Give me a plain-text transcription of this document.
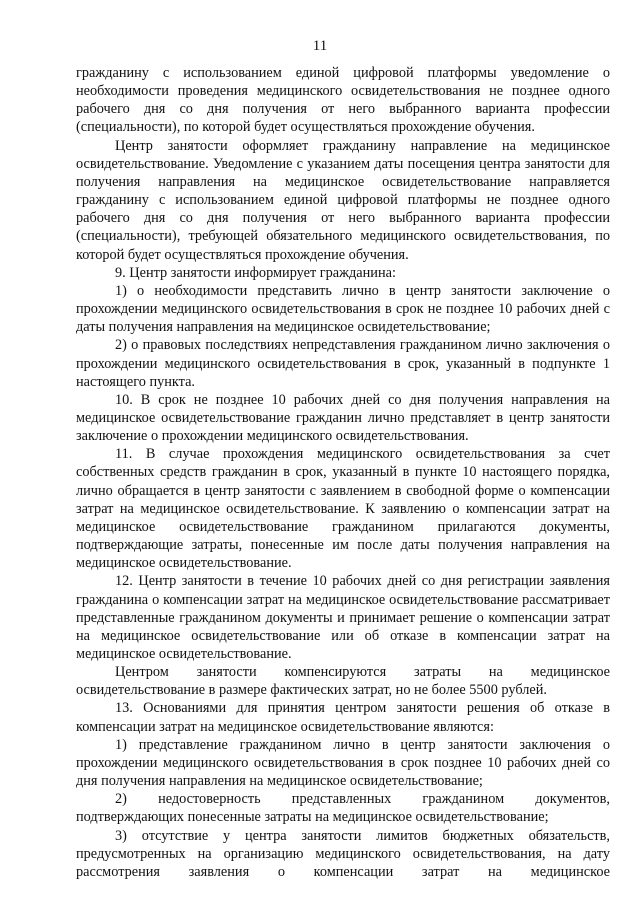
11

гражданину с использованием единой цифровой платформы уведомление о необходимости проведения медицинского освидетельствования не позднее одного рабочего дня со дня получения от него выбранного варианта профессии (специальности), по которой будет осуществляться прохождение обучения.

Центр занятости оформляет гражданину направление на медицинское освидетельствование. Уведомление с указанием даты посещения центра занятости для получения направления на медицинское освидетельствование направляется гражданину с использованием единой цифровой платформы не позднее одного рабочего дня со дня получения от него выбранного варианта профессии (специальности), требующей обязательного медицинского освидетельствования, по которой будет осуществляться прохождение обучения.

9. Центр занятости информирует гражданина:

1) о необходимости представить лично в центр занятости заключение о прохождении медицинского освидетельствования в срок не позднее 10 рабочих дней с даты получения направления на медицинское освидетельствование;

2) о правовых последствиях непредставления гражданином лично заключения о прохождении медицинского освидетельствования в срок, указанный в подпункте 1 настоящего пункта.

10. В срок не позднее 10 рабочих дней со дня получения направления на медицинское освидетельствование гражданин лично представляет в центр занятости заключение о прохождении медицинского освидетельствования.

11. В случае прохождения медицинского освидетельствования за счет собственных средств гражданин в срок, указанный в пункте 10 настоящего порядка, лично обращается в центр занятости с заявлением в свободной форме о компенсации затрат на медицинское освидетельствование. К заявлению о компенсации затрат на медицинское освидетельствование гражданином прилагаются документы, подтверждающие затраты, понесенные им после даты получения направления на медицинское освидетельствование.

12. Центр занятости в течение 10 рабочих дней со дня регистрации заявления гражданина о компенсации затрат на медицинское освидетельствование рассматривает представленные гражданином документы и принимает решение о компенсации затрат на медицинское освидетельствование или об отказе в компенсации затрат на медицинское освидетельствование.

Центром занятости компенсируются затраты на медицинское освидетельствование в размере фактических затрат, но не более 5500 рублей.

13. Основаниями для принятия центром занятости решения об отказе в компенсации затрат на медицинское освидетельствование являются:

1) представление гражданином лично в центр занятости заключения о прохождении медицинского освидетельствования в срок позднее 10 рабочих дней со дня получения направления на медицинское освидетельствование;

2) недостоверность представленных гражданином документов, подтверждающих понесенные затраты на медицинское освидетельствование;

3) отсутствие у центра занятости лимитов бюджетных обязательств, предусмотренных на организацию медицинского освидетельствования, на дату рассмотрения заявления о компенсации затрат на медицинское
